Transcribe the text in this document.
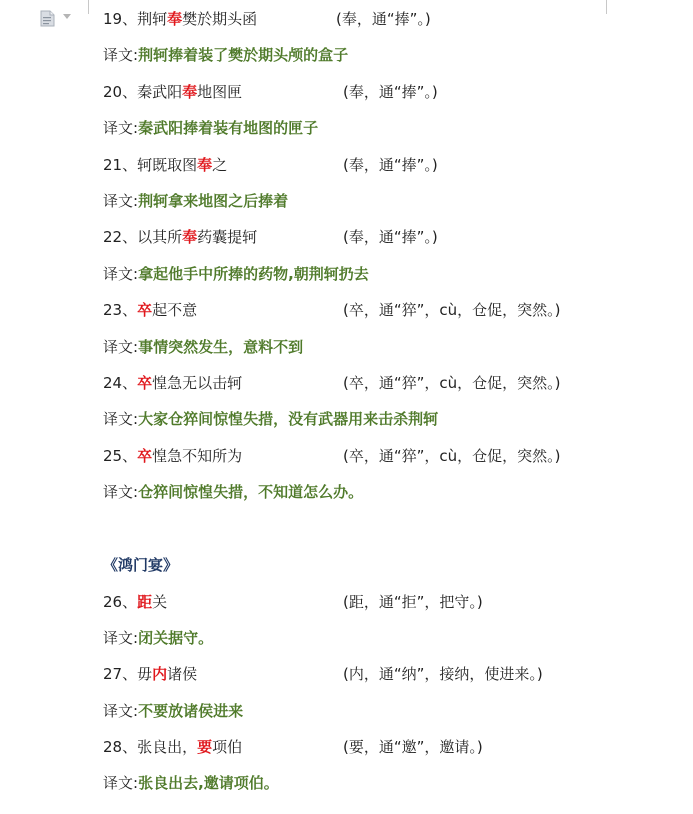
19、荆轲奉樊於期头函	(奉，通“捧”。)
译文:荆轲捧着装了樊於期头颅的盒子
20、秦武阳奉地图匣	(奉，通“捧”。)
译文:秦武阳捧着装有地图的匣子
21、轲既取图奉之	(奉，通“捧”。)
译文:荆轲拿来地图之后捧着
22、以其所奉药囊提轲	(奉，通“捧”。)
译文:拿起他手中所捧的药物,朝荆轲扔去
23、卒起不意	(卒，通“猝”，cù，仓促，突然。)
译文:事情突然发生，意料不到
24、卒惶急无以击轲	(卒，通“猝”，cù，仓促，突然。)
译文:大家仓猝间惊惶失措，没有武器用来击杀荆轲
25、卒惶急不知所为	(卒，通“猝”，cù，仓促，突然。)
译文:仓猝间惊惶失措，不知道怎么办。
《鸿门宴》
26、距关	(距，通“拒”，把守。)
译文:闭关据守。
27、毋内诸侯	(内，通“纳”，接纳，使进来。)
译文:不要放诸侯进来
28、张良出，要项伯	(要，通“邀”，邀请。)
译文:张良出去,邀请项伯。
